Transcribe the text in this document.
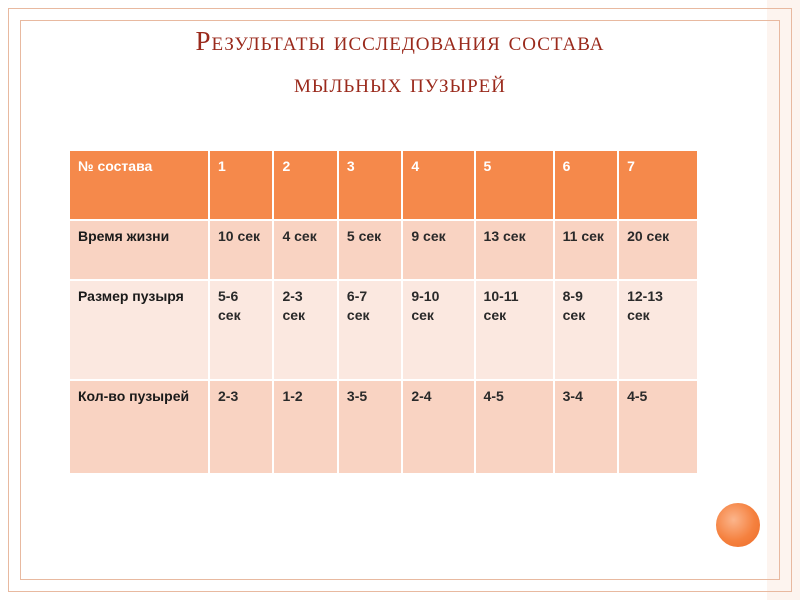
Результаты исследования состава
мыльных пузырей
№ состава	1	2	3	4	5	6	7
Время жизни	10 сек	4 сек	5 сек	9 сек	13 сек	11 сек	20 сек
Размер пузыря	5-6 сек	2-3 сек	6-7 сек	9-10 сек	10-11 сек	8-9 сек	12-13 сек
Кол-во пузырей	2-3	1-2	3-5	2-4	4-5	3-4	4-5
